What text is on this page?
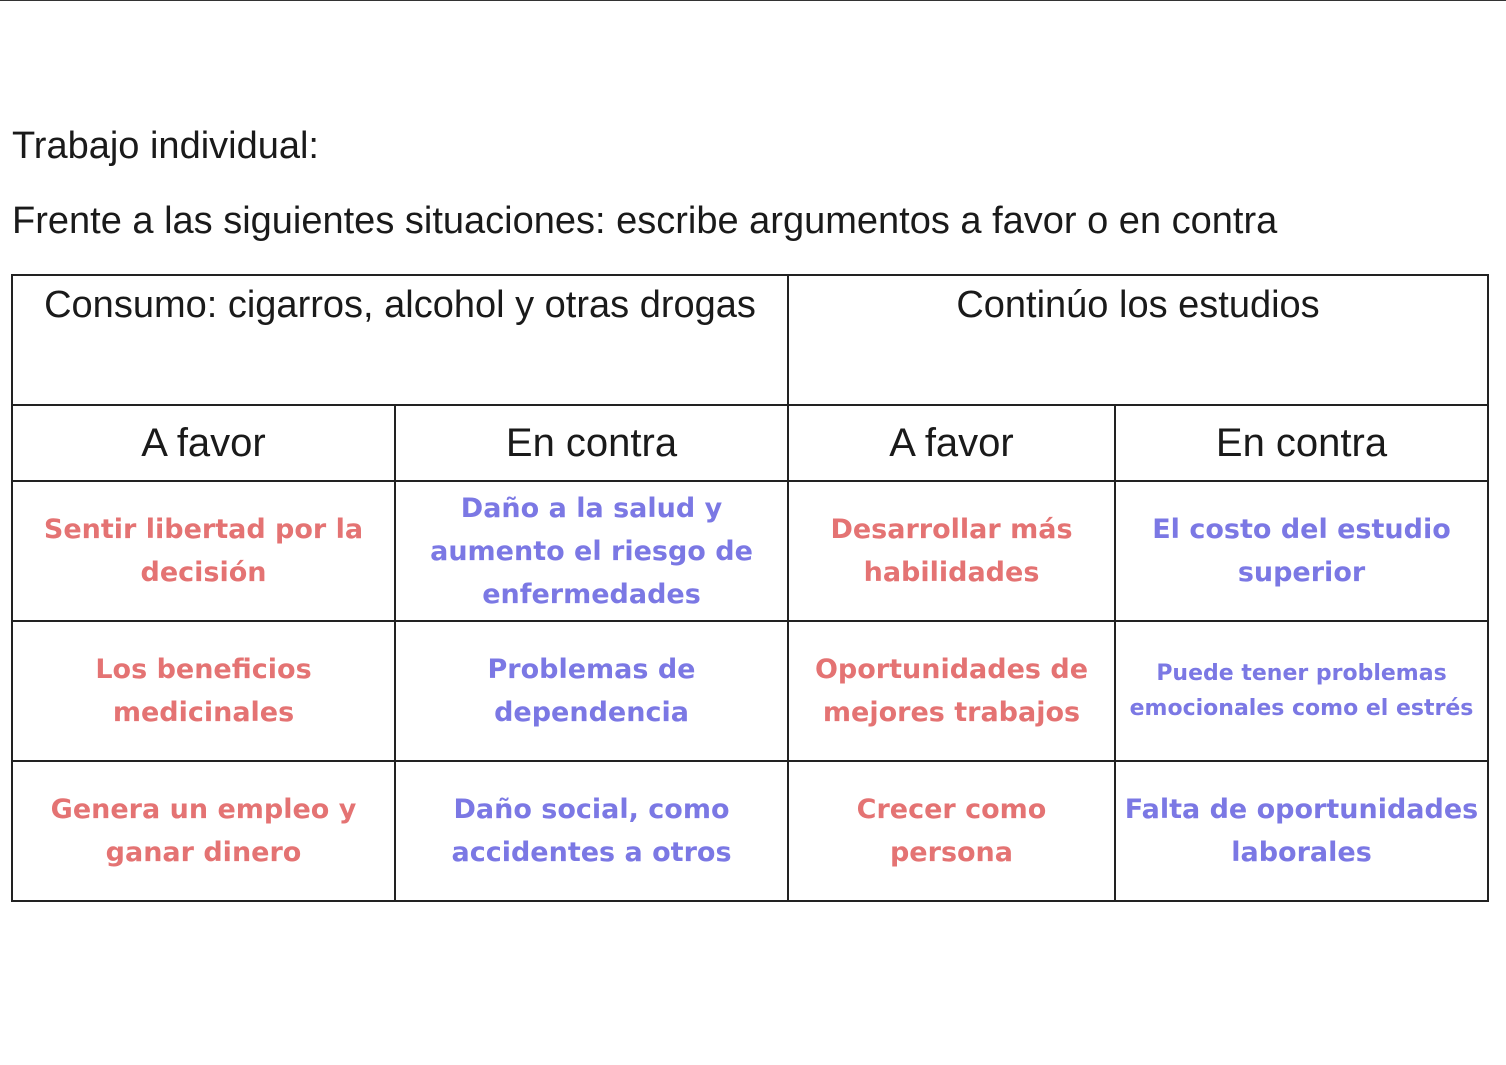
Trabajo individual:
Frente a las siguientes situaciones: escribe argumentos a favor o en contra
Consumo: cigarros, alcohol y otras drogas		Continúo los estudios	
A favor	En contra	A favor	En contra
Sentir libertad por la decisión	Daño a la salud y aumento el riesgo de enfermedades	Desarrollar más habilidades	El costo del estudio superior
Los beneficios medicinales	Problemas de dependencia	Oportunidades de mejores trabajos	Puede tener problemas emocionales como el estrés
Genera un empleo y ganar dinero	Daño social, como accidentes a otros	Crecer como persona	Falta de oportunidades laborales
